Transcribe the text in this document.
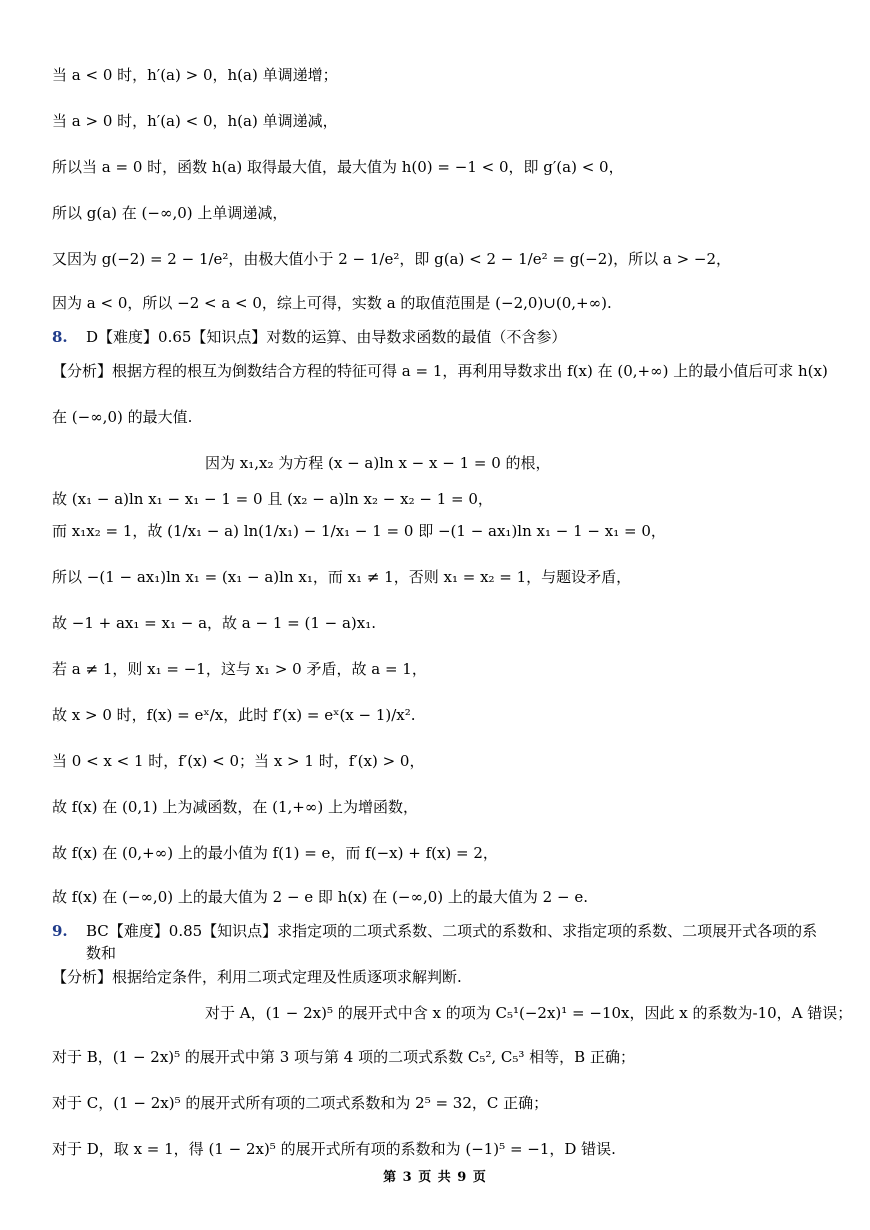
当 a < 0 时，h′(a) > 0，h(a) 单调递增；
当 a > 0 时，h′(a) < 0，h(a) 单调递减，
所以当 a = 0 时，函数 h(a) 取得最大值，最大值为 h(0) = −1 < 0，即 g′(a) < 0，
所以 g(a) 在 (−∞,0) 上单调递减，
又因为 g(−2) = 2 − 1/e²，由极大值小于 2 − 1/e²，即 g(a) < 2 − 1/e² = g(−2)，所以 a > −2，
因为 a < 0，所以 −2 < a < 0，综上可得，实数 a 的取值范围是 (−2,0)∪(0,+∞).
8. D【难度】0.65【知识点】对数的运算、由导数求函数的最值（不含参）
【分析】根据方程的根互为倒数结合方程的特征可得 a = 1，再利用导数求出 f(x) 在 (0,+∞) 上的最小值后可求 h(x)
在 (−∞,0) 的最大值.
因为 x₁,x₂ 为方程 (x − a)ln x − x − 1 = 0 的根，
故 (x₁ − a)ln x₁ − x₁ − 1 = 0 且 (x₂ − a)ln x₂ − x₂ − 1 = 0，
而 x₁x₂ = 1，故 (1/x₁ − a) ln(1/x₁) − 1/x₁ − 1 = 0 即 −(1 − ax₁)ln x₁ − 1 − x₁ = 0，
所以 −(1 − ax₁)ln x₁ = (x₁ − a)ln x₁，而 x₁ ≠ 1，否则 x₁ = x₂ = 1，与题设矛盾，
故 −1 + ax₁ = x₁ − a，故 a − 1 = (1 − a)x₁.
若 a ≠ 1，则 x₁ = −1，这与 x₁ > 0 矛盾，故 a = 1，
故 x > 0 时，f(x) = eˣ/x，此时 f′(x) = eˣ(x − 1)/x².
当 0 < x < 1 时，f′(x) < 0；当 x > 1 时，f′(x) > 0，
故 f(x) 在 (0,1) 上为减函数，在 (1,+∞) 上为增函数，
故 f(x) 在 (0,+∞) 上的最小值为 f(1) = e，而 f(−x) + f(x) = 2，
故 f(x) 在 (−∞,0) 上的最大值为 2 − e 即 h(x) 在 (−∞,0) 上的最大值为 2 − e.
9. BC【难度】0.85【知识点】求指定项的二项式系数、二项式的系数和、求指定项的系数、二项展开式各项的系
数和
【分析】根据给定条件，利用二项式定理及性质逐项求解判断.
对于 A，(1 − 2x)⁵ 的展开式中含 x 的项为 C₅¹(−2x)¹ = −10x，因此 x 的系数为-10，A 错误；
对于 B，(1 − 2x)⁵ 的展开式中第 3 项与第 4 项的二项式系数 C₅², C₅³ 相等，B 正确；
对于 C，(1 − 2x)⁵ 的展开式所有项的二项式系数和为 2⁵ = 32，C 正确；
对于 D，取 x = 1，得 (1 − 2x)⁵ 的展开式所有项的系数和为 (−1)⁵ = −1，D 错误.
第 3 页 共 9 页
